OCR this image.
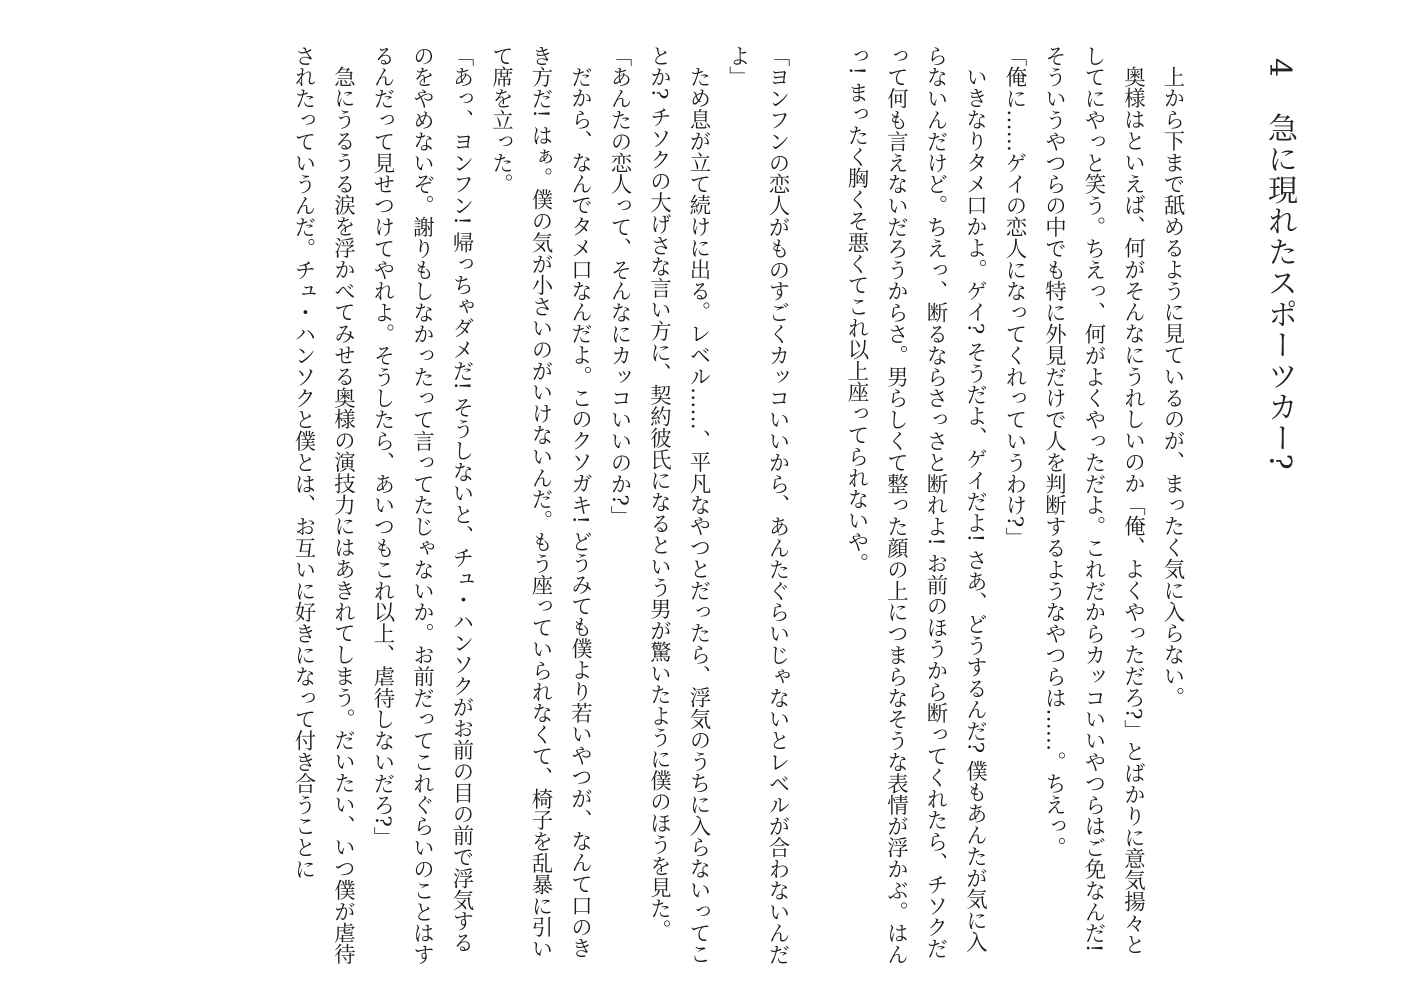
4 急に現れたスポーツカー?

上から下まで舐めるように見ているのが、まったく気に入らない。

奥様はといえば、何がそんなにうれしいのか「俺、よくやっただろ?」とばかりに意気揚々としてにやっと笑う。ちえっ、何がよくやっただよ。これだからカッコいいやつらはご免なんだ! そういうやつらの中でも特に外見だけで人を判断するようなやつらは……。ちえっ。

「俺に……ゲイの恋人になってくれっていうわけ?」

いきなりタメ口かよ。ゲイ? そうだよ、ゲイだよ! さあ、どうするんだ? 僕もあんたが気に入らないんだけど。ちえっ、断るならさっさと断れよ! お前のほうから断ってくれたら、チソクだって何も言えないだろうからさ。男らしくて整った顔の上につまらなそうな表情が浮かぶ。はんっ! まったく胸くそ悪くてこれ以上座ってられないや。

「ヨンフンの恋人がものすごくカッコいいから、あんたぐらいじゃないとレベルが合わないんだよ」

ため息が立て続けに出る。レベル……、平凡なやつとだったら、浮気のうちに入らないってことか? チソクの大げさな言い方に、契約彼氏になるという男が驚いたように僕のほうを見た。

「あんたの恋人って、そんなにカッコいいのか?」

だから、なんでタメ口なんだよ。このクソガキ! どうみても僕より若いやつが、なんて口のきき方だ! はぁ。僕の気が小さいのがいけないんだ。もう座っていられなくて、椅子を乱暴に引いて席を立った。

「あっ、ヨンフン! 帰っちゃダメだ! そうしないと、チュ・ハンソクがお前の目の前で浮気するのをやめないぞ。謝りもしなかったって言ってたじゃないか。お前だってこれぐらいのことはするんだって見せつけてやれよ。そうしたら、あいつもこれ以上、虐待しないだろ?」

急にうるうる涙を浮かべてみせる奥様の演技力にはあきれてしまう。だいたい、いつ僕が虐待されたっていうんだ。チュ・ハンソクと僕とは、お互いに好きになって付き合うことに
